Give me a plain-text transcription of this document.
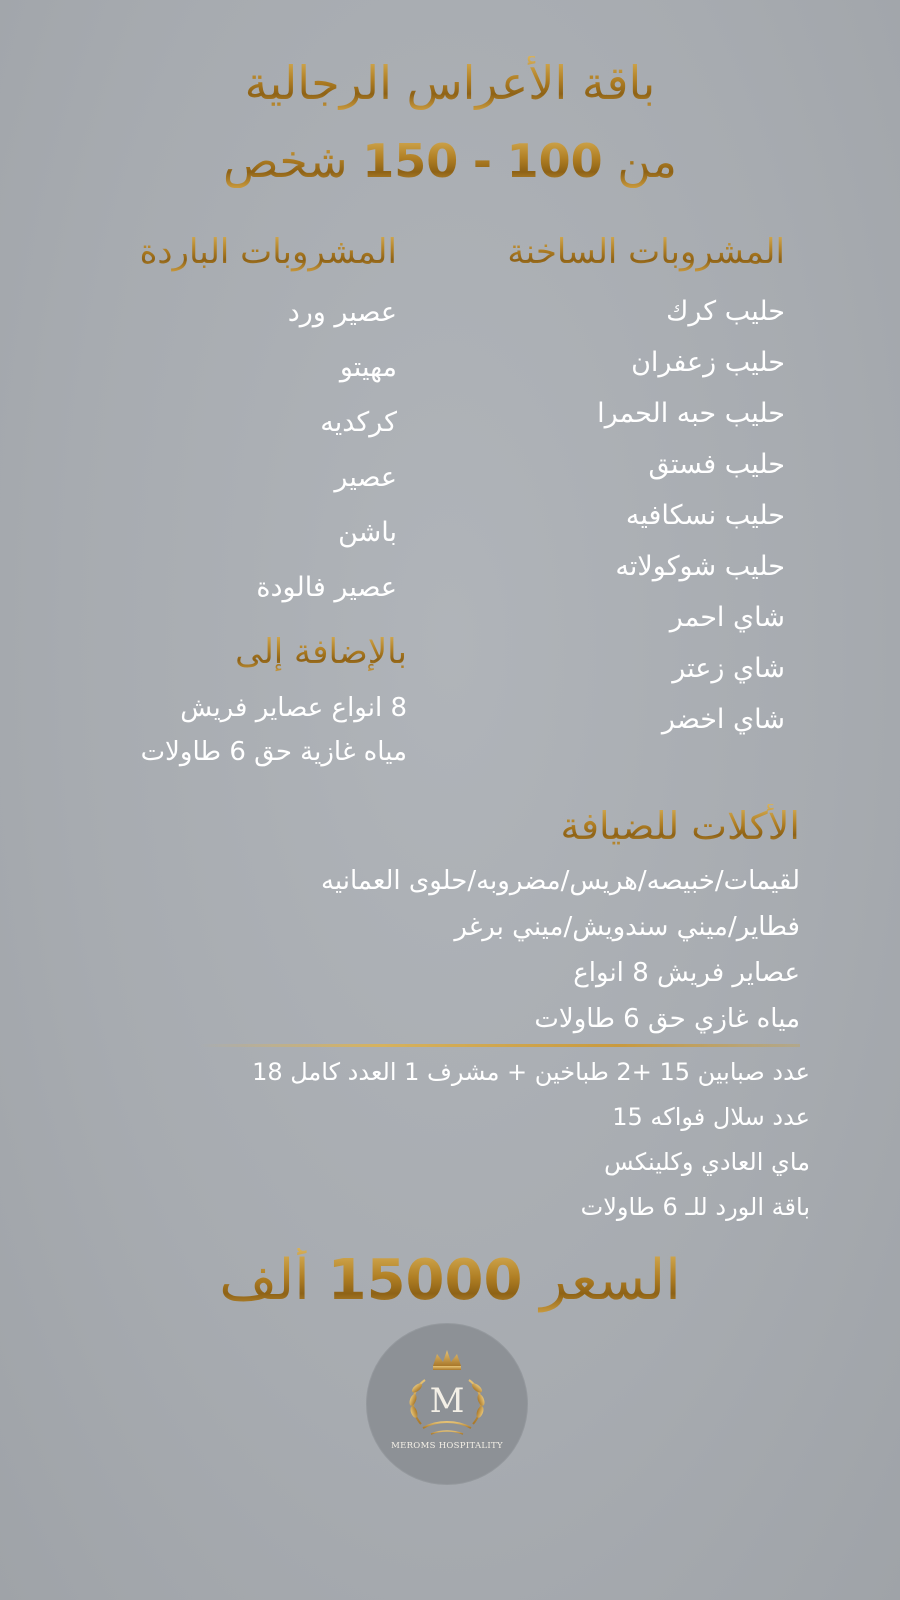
باقة الأعراس الرجالية
من 100 - 150 شخص
المشروبات الساخنة
حليب كرك
حليب زعفران
حليب حبه الحمرا
حليب فستق
حليب نسكافيه
حليب شوكولاته
شاي احمر
شاي زعتر
شاي اخضر
المشروبات الباردة
عصير ورد
مهيتو
كركديه
عصير
باشن
عصير فالودة
بالإضافة إلى
8 انواع عصاير فريش
مياه غازية حق 6 طاولات
الأكلات للضيافة
لقيمات/خبيصه/هريس/مضروبه/حلوى العمانيه
فطاير/ميني سندويش/ميني برغر
عصاير فريش 8 انواع
مياه غازي حق 6 طاولات
عدد صبابين 15 +2 طباخين + مشرف 1 العدد كامل 18
عدد سلال فواكه 15
ماي العادي وكلينكس
باقة الورد للـ 6 طاولات
السعر 15000 ألف
M
MEROMS HOSPITALITY
